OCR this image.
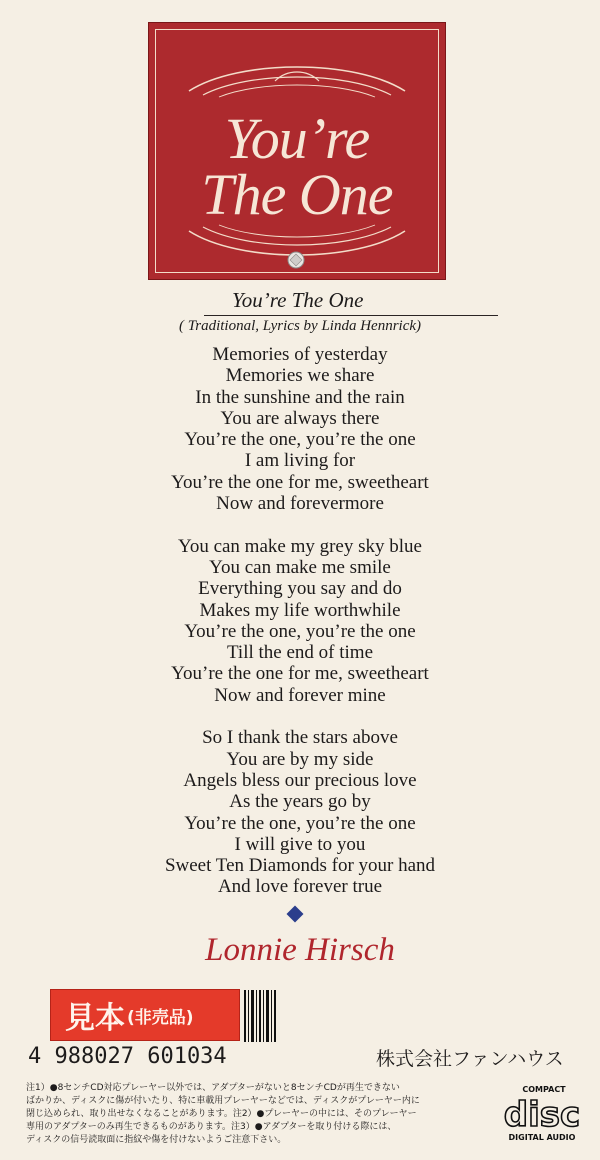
You’re
The One
You’re The One
( Traditional, Lyrics by Linda Hennrick)
Memories of yesterday
Memories we share
In the sunshine and the rain
You are always there
You’re the one, you’re the one
I am living for
You’re the one for me, sweetheart
Now and forevermore
You can make my grey sky blue
You can make me smile
Everything you say and do
Makes my life worthwhile
You’re the one, you’re the one
Till the end of time
You’re the one for me, sweetheart
Now and forever mine
So I thank the stars above
You are by my side
Angels bless our precious love
As the years go by
You’re the one, you’re the one
I will give to you
Sweet Ten Diamonds for your hand
And love forever true
Lonnie Hirsch
見本 (非売品)
4 988027 601034	株式会社ファンハウス
注1）●8センチCD対応プレーヤー以外では、アダプターがないと8センチCDが再生できない
ばかりか、ディスクに傷が付いたり、特に車載用プレーヤーなどでは、ディスクがプレーヤー内に
閉じ込められ、取り出せなくなることがあります。注2）●プレーヤーの中には、そのプレーヤー
専用のアダプターのみ再生できるものがあります。注3）●アダプターを取り付ける際には、
ディスクの信号読取面に指紋や傷を付けないようご注意下さい。
COMPACT
disc
DIGITAL AUDIO
